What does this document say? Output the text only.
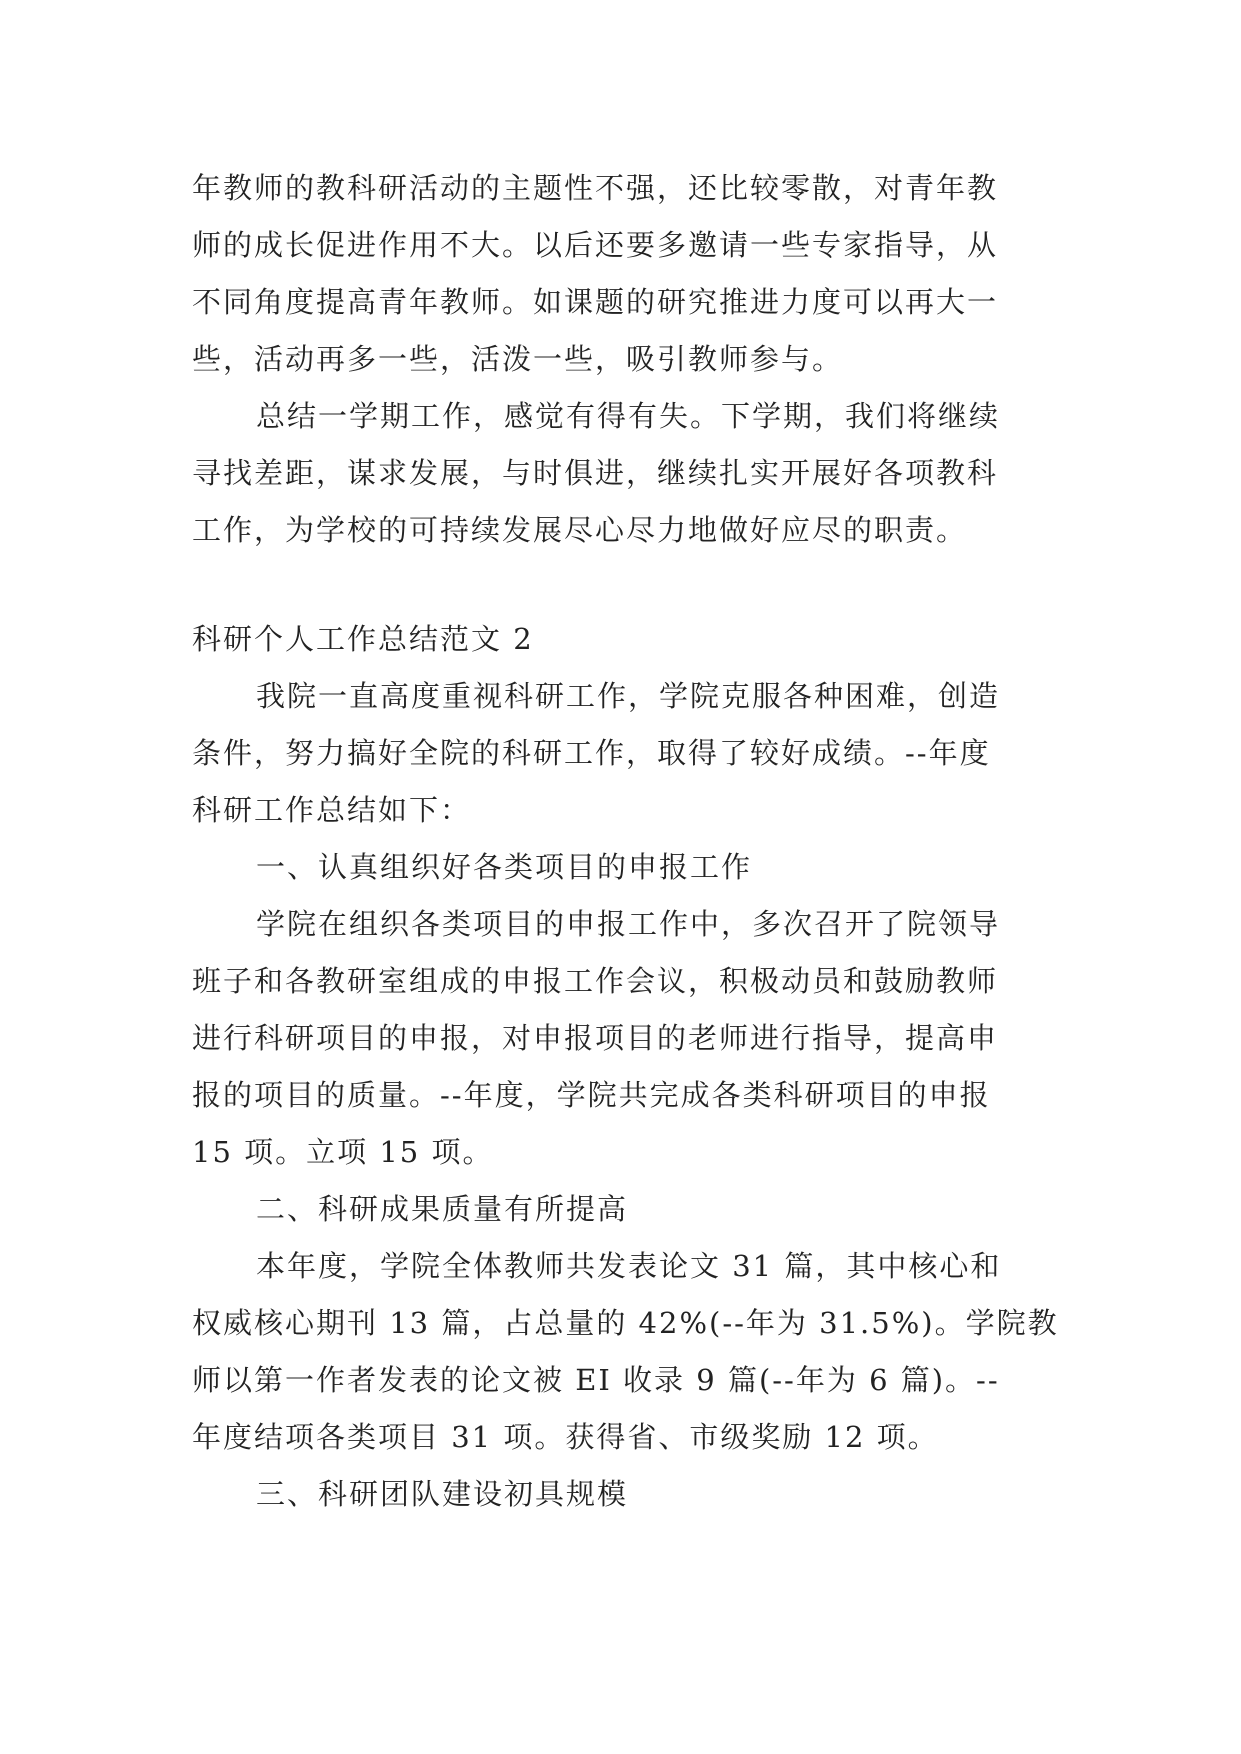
年教师的教科研活动的主题性不强，还比较零散，对青年教
师的成长促进作用不大。以后还要多邀请一些专家指导，从
不同角度提高青年教师。如课题的研究推进力度可以再大一
些，活动再多一些，活泼一些，吸引教师参与。
总结一学期工作，感觉有得有失。下学期，我们将继续
寻找差距，谋求发展，与时俱进，继续扎实开展好各项教科
工作，为学校的可持续发展尽心尽力地做好应尽的职责。
科研个人工作总结范文 2
我院一直高度重视科研工作，学院克服各种困难，创造
条件，努力搞好全院的科研工作，取得了较好成绩。--年度
科研工作总结如下：
一、认真组织好各类项目的申报工作
学院在组织各类项目的申报工作中，多次召开了院领导
班子和各教研室组成的申报工作会议，积极动员和鼓励教师
进行科研项目的申报，对申报项目的老师进行指导，提高申
报的项目的质量。--年度，学院共完成各类科研项目的申报
15 项。立项 15 项。
二、科研成果质量有所提高
本年度，学院全体教师共发表论文 31 篇，其中核心和
权威核心期刊 13 篇，占总量的 42%(--年为 31.5%)。学院教
师以第一作者发表的论文被 EI 收录 9 篇(--年为 6 篇)。--
年度结项各类项目 31 项。获得省、市级奖励 12 项。
三、科研团队建设初具规模
